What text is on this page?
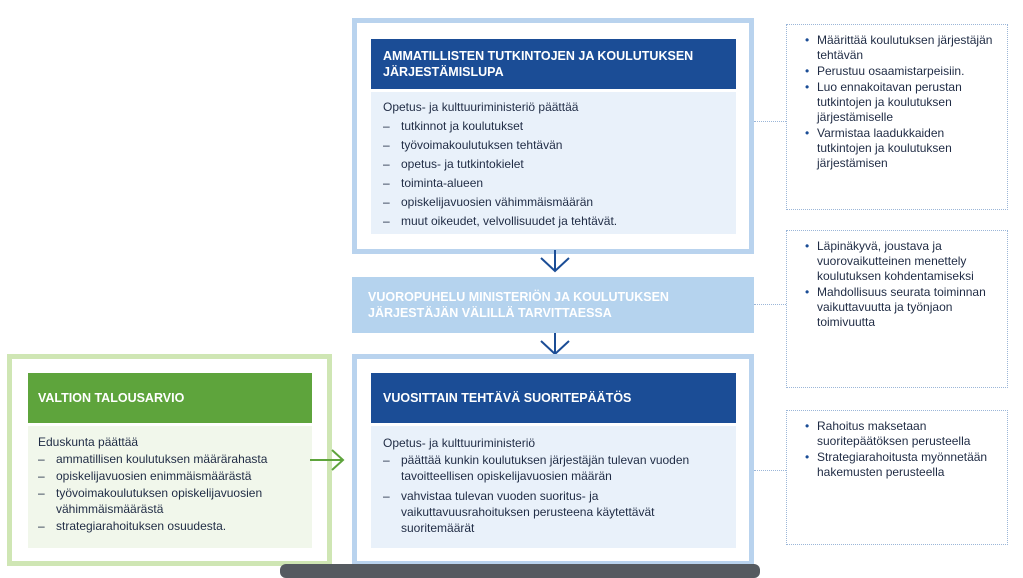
AMMATILLISTEN TUTKINTOJEN JA KOULUTUKSEN JÄRJESTÄMISLUPA

Opetus- ja kulttuuriministeriö päättää

– tutkinnot ja koulutukset
– työvoimakoulutuksen tehtävän
– opetus- ja tutkintokielet
– toiminta-alueen
– opiskelijavuosien vähimmäismäärän
– muut oikeudet, velvollisuudet ja tehtävät.
VUOROPUHELU MINISTERIÖN JA KOULUTUKSEN JÄRJESTÄJÄN VÄLILLÄ TARVITTAESSA
VUOSITTAIN TEHTÄVÄ SUORITEPÄÄTÖS

Opetus- ja kulttuuriministeriö

– päättää kunkin koulutuksen järjestäjän tulevan vuoden tavoitteellisen opiskelijavuosien määrän
– vahvistaa tulevan vuoden suoritus- ja vaikuttavuusrahoituksen perusteena käytettävät suoritemäärät
VALTION TALOUSARVIO

Eduskunta päättää

– ammatillisen koulutuksen määrärahasta
– opiskelijavuosien enimmäismäärästä
– työvoimakoulutuksen opiskelijavuosien vähimmäismäärästä
– strategiarahoituksen osuudesta.
• Määrittää koulutuksen järjestäjän tehtävän
• Perustuu osaamistarpeisiin.
• Luo ennakoitavan perustan tutkintojen ja koulutuksen järjestämiselle
• Varmistaa laadukkaiden tutkintojen ja koulutuksen järjestämisen
• Läpinäkyvä, joustava ja vuorovaikutteinen menettely koulutuksen kohdentamiseksi
• Mahdollisuus seurata toiminnan vaikuttavuutta ja työnjaon toimivuutta
• Rahoitus maksetaan suoritepäätöksen perusteella
• Strategiarahoitusta myönnetään hakemusten perusteella
